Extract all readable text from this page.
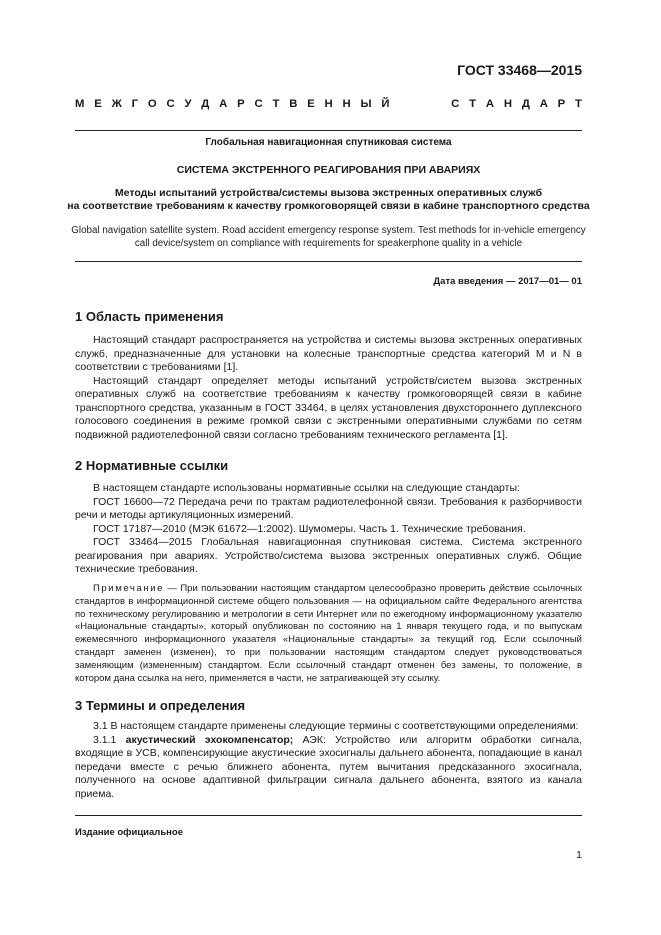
ГОСТ 33468—2015
М Е Ж Г О С У Д А Р С Т В Е Н Н Ы Й

	С Т А Н Д А Р Т
Глобальная навигационная спутниковая система
СИСТЕМА ЭКСТРЕННОГО РЕАГИРОВАНИЯ ПРИ АВАРИЯХ
Методы испытаний устройства/системы вызова экстренных оперативных служб
на соответствие требованиям к качеству громкоговорящей связи в кабине транспортного средства
Global navigation satellite system. Road accident emergency response system. Test methods for in-vehicle emergency
call device/system on compliance with requirements for speakerphone quality in a vehicle
Дата введения — 2017—01— 01
1 Область применения

Настоящий стандарт распространяется на устройства и системы вызова экстренных оперативных служб, предназначенные для установки на колесные транспортные средства категорий М и N в соответствии с требованиями [1].

Настоящий стандарт определяет методы испытаний устройств/систем вызова экстренных оперативных служб на соответствие требованиям к качеству громкоговорящей связи в кабине транспортного средства, указанным в ГОСТ 33464, в целях установления двухстороннего дуплексного голосового соединения в режиме громкой связи с экстренными оперативными службами по сетям подвижной радиотелефонной связи согласно требованиям технического регламента [1].

2 Нормативные ссылки

В настоящем стандарте использованы нормативные ссылки на следующие стандарты:

ГОСТ 16600—72 Передача речи по трактам радиотелефонной связи. Требования к разборчивости речи и методы артикуляционных измерений.

ГОСТ 17187—2010 (МЭК 61672—1:2002). Шумомеры. Часть 1. Технические требования.

ГОСТ 33464—2015 Глобальная навигационная спутниковая система. Система экстренного реагирования при авариях. Устройство/система вызова экстренных оперативных служб. Общие технические требования.

Примечание — При пользовании настоящим стандартом целесообразно проверить действие ссылочных стандартов в информационной системе общего пользования — на официальном сайте Федерального агентства по техническому регулированию и метрологии в сети Интернет или по ежегодному информационному указателю «Национальные стандарты», который опубликован по состоянию на 1 января текущего года, и по выпускам ежемесячного информационного указателя «Национальные стандарты» за текущий год. Если ссылочный стандарт заменен (изменен), то при пользовании настоящим стандартом следует руководствоваться заменяющим (измененным) стандартом. Если ссылочный стандарт отменен без замены, то положение, в котором дана ссылка на него, применяется в части, не затрагивающей эту ссылку.

3 Термины и определения

3.1 В настоящем стандарте применены следующие термины с соответствующими определениями:

3.1.1 акустический эхокомпенсатор; АЭК: Устройство или алгоритм обработки сигнала, входящие в УСВ, компенсирующие акустические эхосигналы дальнего абонента, попадающие в канал передачи вместе с речью ближнего абонента, путем вычитания предсказанного эхосигнала, полученного на основе адаптивной фильтрации сигнала дальнего абонента, взятого из канала приема.

Издание официальное
1
